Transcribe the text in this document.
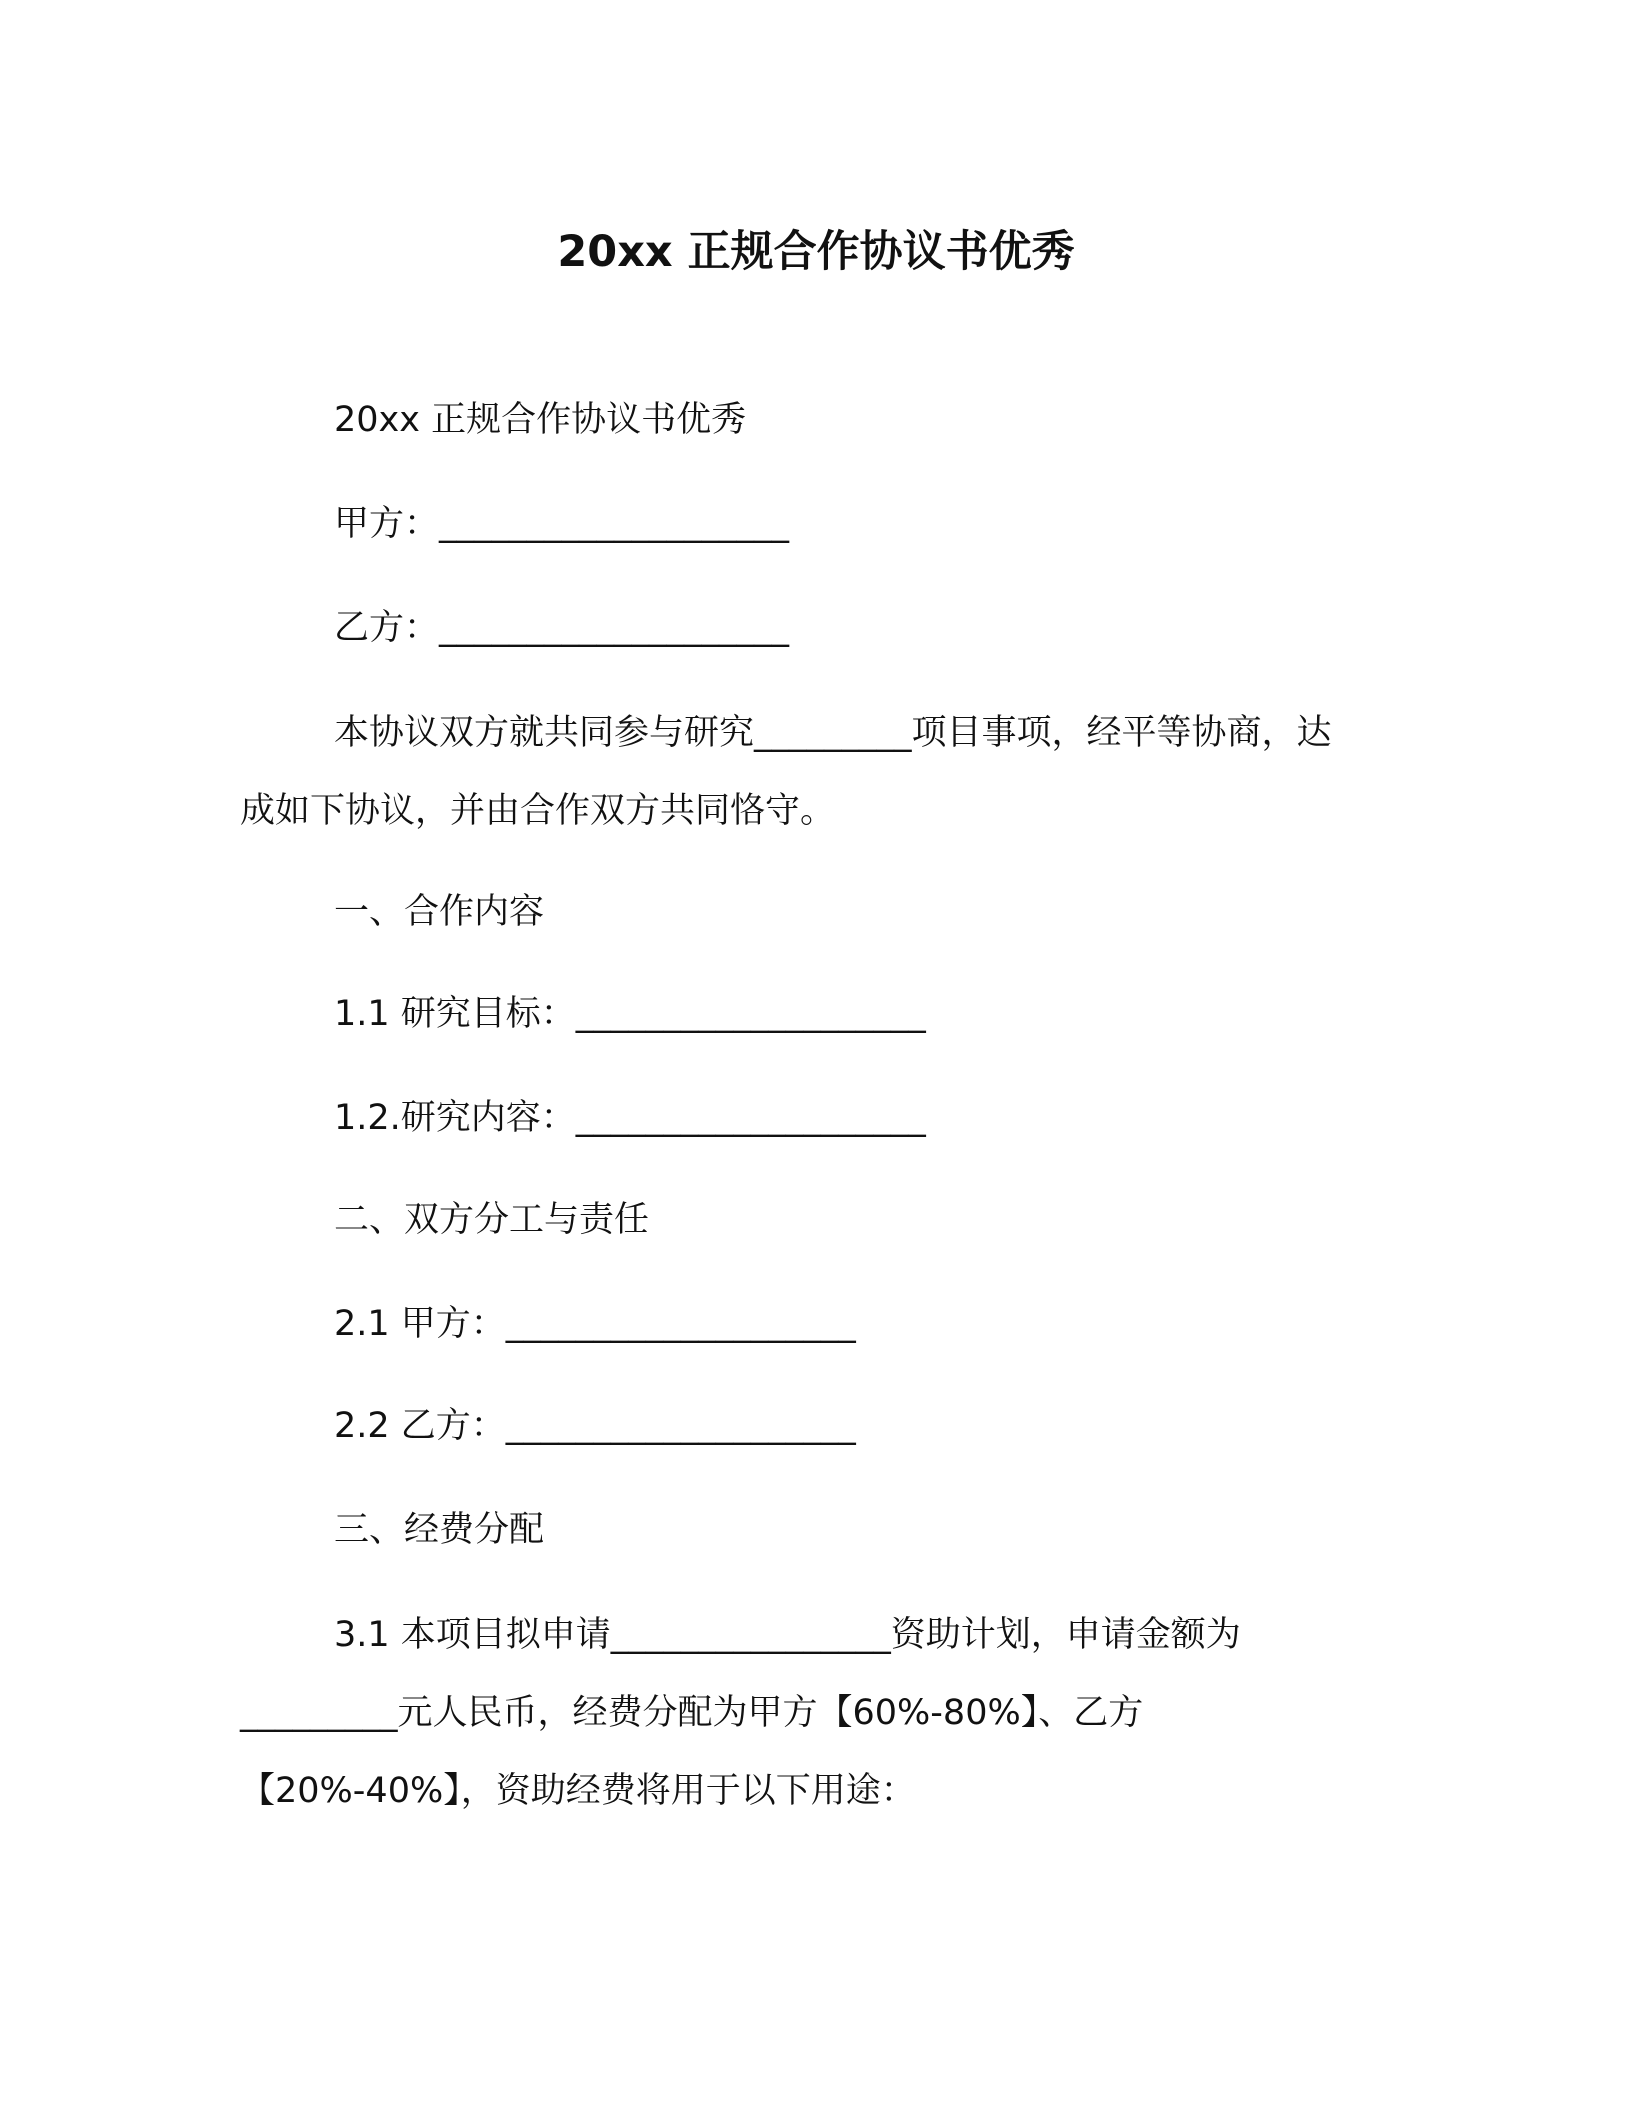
20xx 正规合作协议书优秀
20xx 正规合作协议书优秀
甲方：____________________
乙方：____________________
本协议双方就共同参与研究_________项目事项，经平等协商，达成如下协议，并由合作双方共同恪守。
一、合作内容
1.1 研究目标：____________________
1.2.研究内容：____________________
二、双方分工与责任
2.1 甲方：____________________
2.2 乙方：____________________
三、经费分配
3.1 本项目拟申请________________资助计划，申请金额为_________元人民币，经费分配为甲方【60%-80%】、乙方【20%-40%】，资助经费将用于以下用途：
